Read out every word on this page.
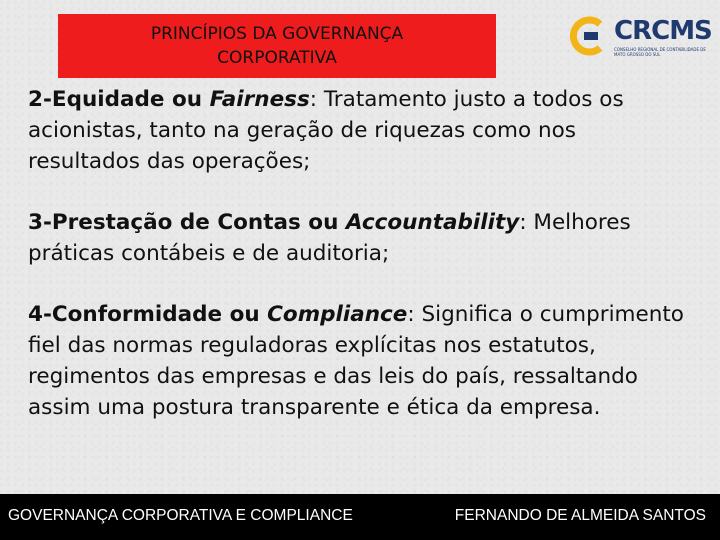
PRINCÍPIOS DA GOVERNANÇA
CORPORATIVA
CRCMS
CONSELHO REGIONAL DE CONTABILIDADE DE MATO GROSSO DO SUL

2-Equidade ou Fairness: Tratamento justo a todos os acionistas, tanto na geração de riquezas como nos resultados das operações;

3-Prestação de Contas ou Accountability: Melhores práticas contábeis e de auditoria;

4-Conformidade ou Compliance: Significa o cumprimento fiel das normas reguladoras explícitas nos estatutos, regimentos das empresas e das leis do país, ressaltando assim uma postura transparente e ética da empresa.

GOVERNANÇA CORPORATIVA E COMPLIANCE	FERNANDO DE ALMEIDA SANTOS
